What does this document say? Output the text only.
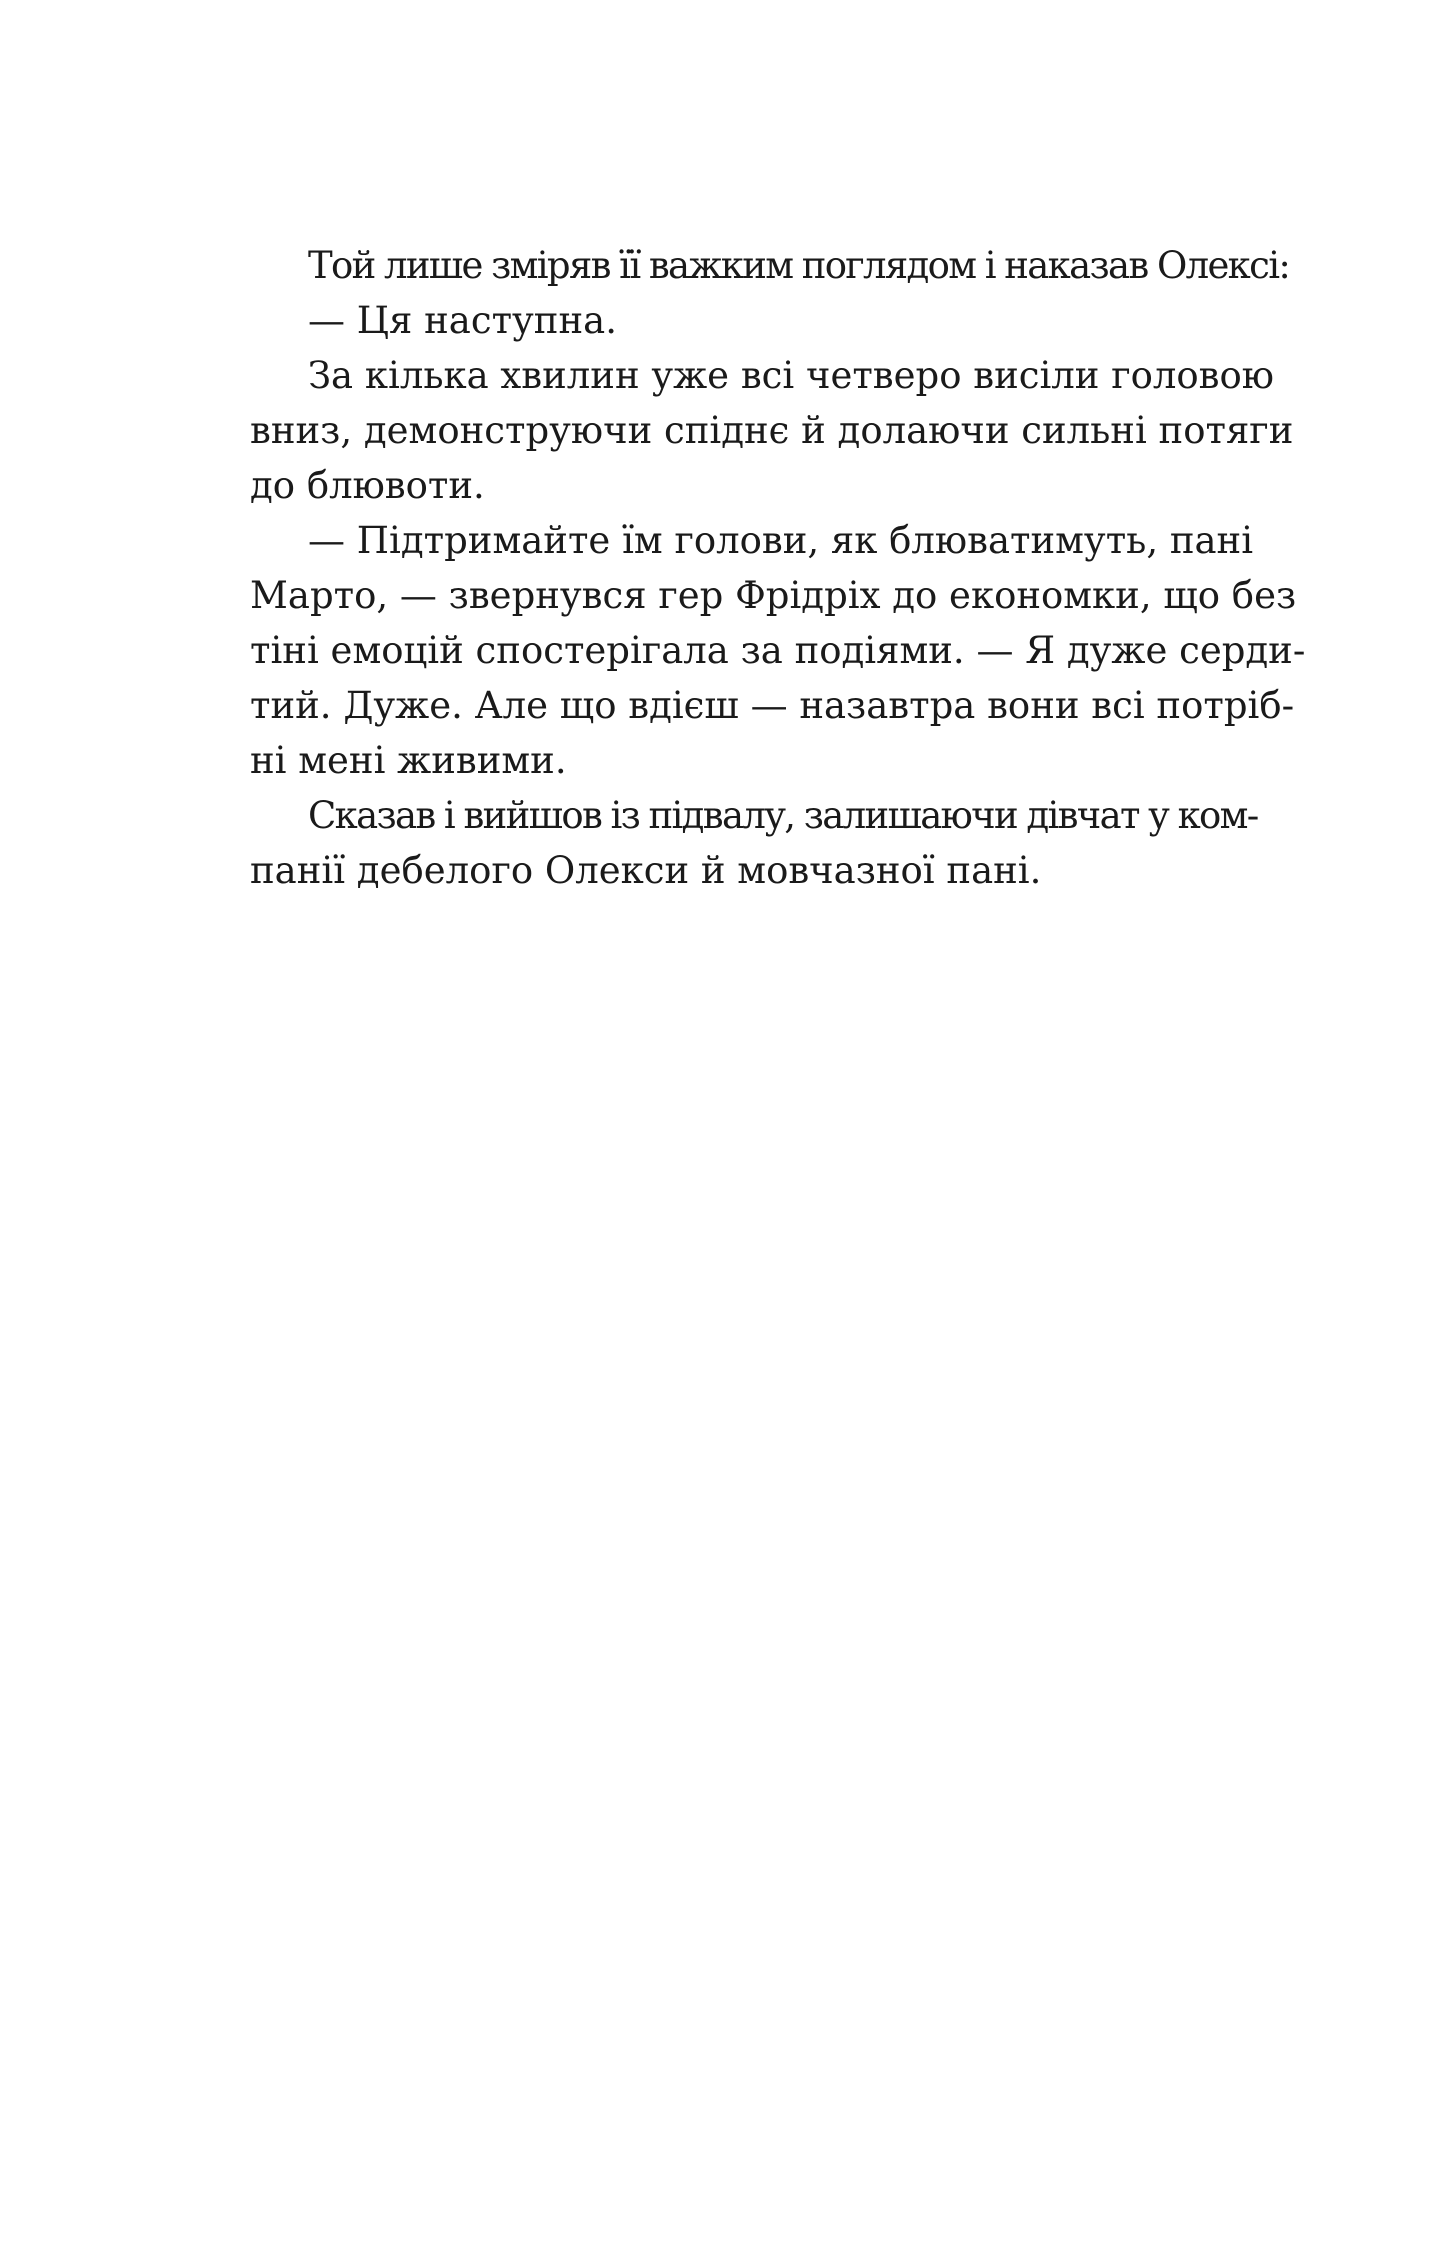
Той лише зміряв її важким поглядом і наказав Олексі:
— Ця наступна.
За кілька хвилин уже всі четверо висіли головою
вниз, демонструючи спіднє й долаючи сильні потяги
до блювоти.
— Підтримайте їм голови, як блюватимуть, пані
Марто, — звернувся гер Фрідріх до економки, що без
тіні емоцій спостерігала за подіями. — Я дуже серди-
тий. Дуже. Але що вдієш — назавтра вони всі потріб-
ні мені живими.
Сказав і вийшов із підвалу, залишаючи дівчат у ком-
панії дебелого Олекси й мовчазної пані.
